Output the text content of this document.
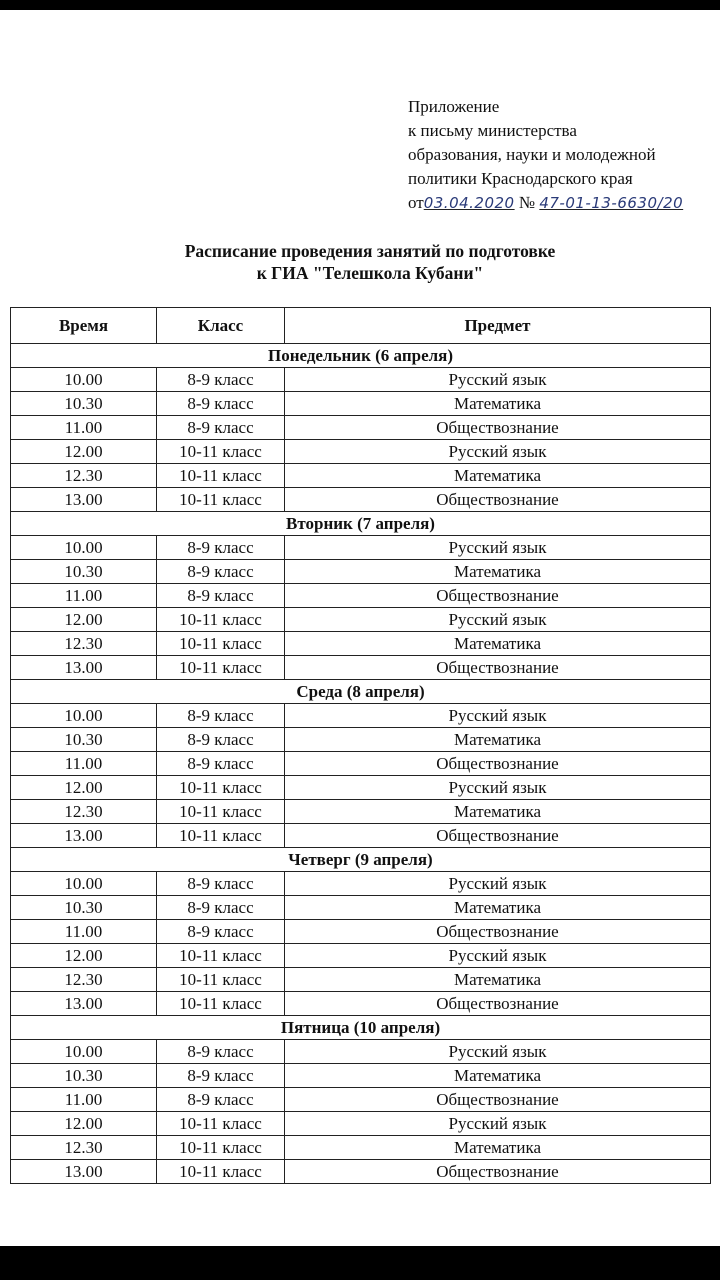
Приложение
к письму министерства
образования, науки и молодежной
политики Краснодарского края
от03.04.2020 № 47-01-13-6630/20
Расписание проведения занятий по подготовке
к ГИА "Телешкола Кубани"
Время	Класс	Предмет
Понедельник (6 апреля)		
10.00	8-9 класс	Русский язык
10.30	8-9 класс	Математика
11.00	8-9 класс	Обществознание
12.00	10-11 класс	Русский язык
12.30	10-11 класс	Математика
13.00	10-11 класс	Обществознание
Вторник (7 апреля)		
10.00	8-9 класс	Русский язык
10.30	8-9 класс	Математика
11.00	8-9 класс	Обществознание
12.00	10-11 класс	Русский язык
12.30	10-11 класс	Математика
13.00	10-11 класс	Обществознание
Среда (8 апреля)		
10.00	8-9 класс	Русский язык
10.30	8-9 класс	Математика
11.00	8-9 класс	Обществознание
12.00	10-11 класс	Русский язык
12.30	10-11 класс	Математика
13.00	10-11 класс	Обществознание
Четверг (9 апреля)		
10.00	8-9 класс	Русский язык
10.30	8-9 класс	Математика
11.00	8-9 класс	Обществознание
12.00	10-11 класс	Русский язык
12.30	10-11 класс	Математика
13.00	10-11 класс	Обществознание
Пятница (10 апреля)		
10.00	8-9 класс	Русский язык
10.30	8-9 класс	Математика
11.00	8-9 класс	Обществознание
12.00	10-11 класс	Русский язык
12.30	10-11 класс	Математика
13.00	10-11 класс	Обществознание
